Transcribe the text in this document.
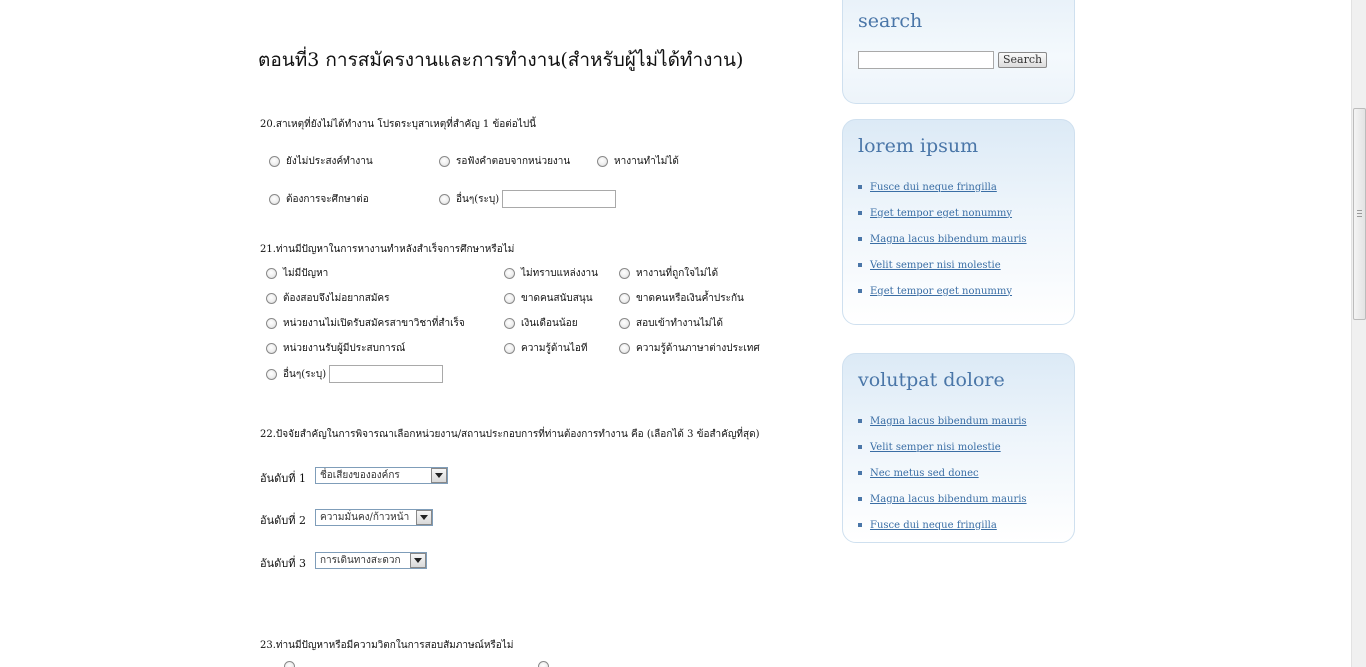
ตอนที่3 การสมัครงานและการทำงาน(สำหรับผู้ไม่ได้ทำงาน)
20.สาเหตุที่ยังไม่ได้ทำงาน โปรดระบุสาเหตุที่สำคัญ 1 ข้อต่อไปนี้
ยังไม่ประสงค์ทำงาน	รอฟังคำตอบจากหน่วยงาน	หางานทำไม่ได้
ต้องการจะศึกษาต่อ	อื่นๆ(ระบุ)
21.ท่านมีปัญหาในการหางานทำหลังสำเร็จการศึกษาหรือไม่
ไม่มีปัญหา	ไม่ทราบแหล่งงาน	หางานที่ถูกใจไม่ได้
ต้องสอบจึงไม่อยากสมัคร	ขาดคนสนับสนุน	ขาดคนหรือเงินค้ำประกัน
หน่วยงานไม่เปิดรับสมัครสาขาวิชาที่สำเร็จ	เงินเดือนน้อย	สอบเข้าทำงานไม่ได้
หน่วยงานรับผู้มีประสบการณ์	ความรู้ด้านไอที	ความรู้ด้านภาษาต่างประเทศ
อื่นๆ(ระบุ)
22.ปัจจัยสำคัญในการพิจารณาเลือกหน่วยงาน/สถานประกอบการที่ท่านต้องการทำงาน คือ (เลือกได้ 3 ข้อสำคัญที่สุด)
อันดับที่ 1	ชื่อเสียงขององค์กร
อันดับที่ 2	ความมั่นคง/ก้าวหน้า
อันดับที่ 3	การเดินทางสะดวก
23.ท่านมีปัญหาหรือมีความวิตกในการสอบสัมภาษณ์หรือไม่
search
Search
lorem ipsum
Fusce dui neque fringilla
Eget tempor eget nonummy
Magna lacus bibendum mauris
Velit semper nisi molestie
Eget tempor eget nonummy
volutpat dolore
Magna lacus bibendum mauris
Velit semper nisi molestie
Nec metus sed donec
Magna lacus bibendum mauris
Fusce dui neque fringilla
